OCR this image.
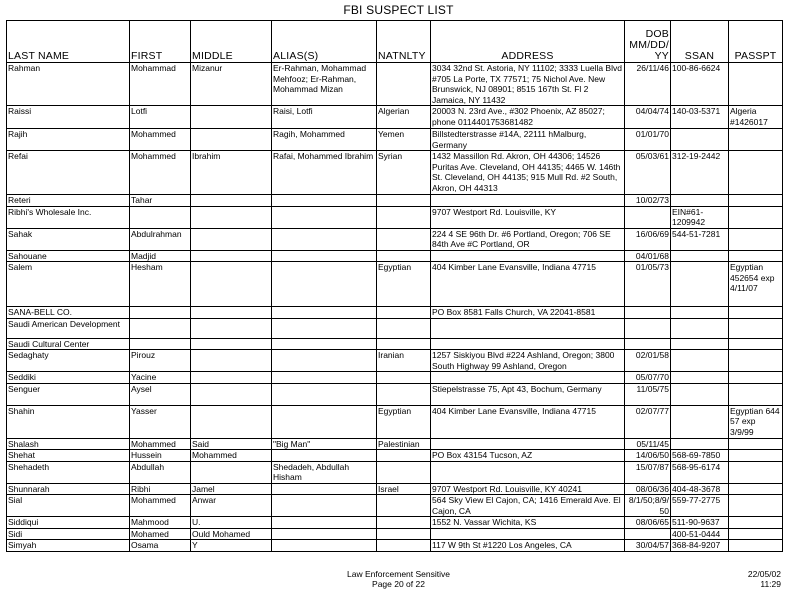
FBI SUSPECT LIST
LAST NAME	FIRST	MIDDLE	ALIAS(S)	NATNLTY	ADDRESS	DOB MM/DD/ YY	SSAN	PASSPT
Rahman	Mohammad	Mizanur	Er-Rahman, Mohammad Mehfooz; Er-Rahman, Mohammad Mizan		3034 32nd St. Astoria, NY 11102; 3333 Luella Blvd #705 La Porte, TX 77571; 75 Nichol Ave. New Brunswick, NJ 08901; 8515 167th St. Fl 2 Jamaica, NY 11432	26/11/46	100-86-6624	
Raissi	Lotfi		Raisi, Lotfi	Algerian	20003 N. 23rd Ave., #302 Phoenix, AZ 85027; phone 011440175368148​2	04/04/74	140-03-5371	Algeria #1426017
Rajih	Mohammed		Ragih, Mohammed	Yemen	Billstedterstrasse #14A, 22111 hMalburg, Germany	01/01/70		
Refai	Mohammed	Ibrahim	Rafai, Mohammed Ibrahim	Syrian	1432 Massillon Rd. Akron, OH 44306; 14526 Puritas Ave. Cleveland, OH 44135; 4465 W. 146th St. Cleveland, OH 44135; 915 Mull Rd. #2 South, Akron, OH 44313	05/03/61	312-19-2442	
Reteri	Tahar					10/02/73		
Ribhi's Wholesale Inc.					9707 Westport Rd. Louisville, KY		EIN#61-1209942	
Sahak	Abdulrahman				224 4 SE 96th Dr. #6 Portland, Oregon; 706 SE 84th Ave #C Portland, OR	16/06/69	544-51-7281	
Sahouane	Madjid					04/01/68		
Salem	Hesham			Egyptian	404 Kimber Lane Evansville, Indiana 47715	01/05/73		Egyptian 452654 exp 4/11/07
SANA-BELL CO.					PO Box 8581 Falls Church, VA 22041-8581			
Saudi American Development								
Saudi Cultural Center								
Sedaghaty	Pirouz			Iranian	1257 Siskiyou Blvd #224 Ashland, Oregon; 3800 South Highway 99 Ashland, Oregon	02/01/58		
Seddiki	Yacine					05/07/70		
Senguer	Aysel				Stiepelstrasse 75, Apt 43, Bochum, Germany	11/05/75		
Shahin	Yasser			Egyptian	404 Kimber Lane Evansville, Indiana 47715	02/07/77		Egyptian 644 57 exp 3/9/99
Shalash	Mohammed	Said	"Big Man"	Palestinian		05/11/45		
Shehat	Hussein	Mohammed			PO Box 43154 Tucson, AZ	14/06/50	568-69-7850	
Shehadeth	Abdullah		Shedadeh, Abdullah Hisham			15/07/87	568-95-6174	
Shunnarah	Ribhi	Jamel		Israel	9707 Westport Rd. Louisville, KY 40241	08/06/36	404-48-3678	
Sial	Mohammed	Anwar			564 Sky View El Cajon, CA; 1416 Emerald Ave. El Cajon, CA	8/1/50;8/9/50	559-77-2775	
Siddiqui	Mahmood	U.			1552 N. Vassar Wichita, KS	08/06/65	511-90-9637	
Sidi	Mohamed	Ould Mohamed					400-51-0444	
Simyah	Osama	Y			117 W 9th St #1220 Los Angeles, CA	30/04/57	368-84-9207	
Law Enforcement Sensitive
Page 20 of 22
22/05/02
11:29
